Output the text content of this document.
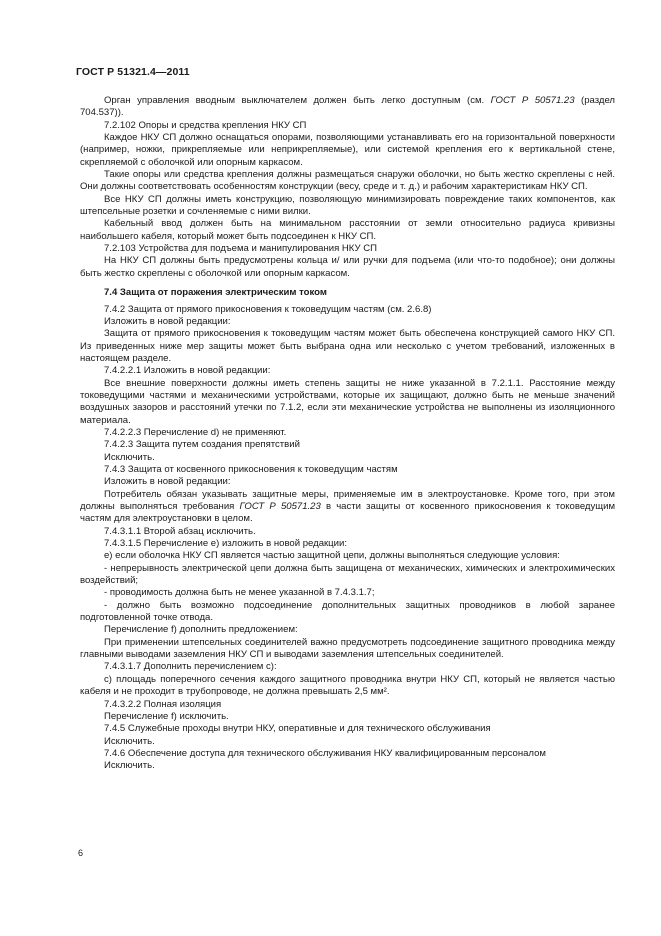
ГОСТ Р 51321.4—2011

Орган управления вводным выключателем должен быть легко доступным (см. ГОСТ Р 50571.23 (раздел 704.537)).

7.2.102 Опоры и средства крепления НКУ СП

Каждое НКУ СП должно оснащаться опорами, позволяющими устанавливать его на горизонтальной поверхности (например, ножки, прикрепляемые или неприкрепляемые), или системой крепления его к вертикальной стене, скрепляемой с оболочкой или опорным каркасом.

Такие опоры или средства крепления должны размещаться снаружи оболочки, но быть жестко скреплены с ней. Они должны соответствовать особенностям конструкции (весу, среде и т. д.) и рабочим характеристикам НКУ СП.

Все НКУ СП должны иметь конструкцию, позволяющую минимизировать повреждение таких компонентов, как штепсельные розетки и сочленяемые с ними вилки.

Кабельный ввод должен быть на минимальном расстоянии от земли относительно радиуса кривизны наибольшего кабеля, который может быть подсоединен к НКУ СП.

7.2.103 Устройства для подъема и манипулирования НКУ СП

На НКУ СП должны быть предусмотрены кольца и/ или ручки для подъема (или что-то подобное); они должны быть жестко скреплены с оболочкой или опорным каркасом.

7.4 Защита от поражения электрическим током

7.4.2 Защита от прямого прикосновения к токоведущим частям (см. 2.6.8)

Изложить в новой редакции:

Защита от прямого прикосновения к токоведущим частям может быть обеспечена конструкцией самого НКУ СП. Из приведенных ниже мер защиты может быть выбрана одна или несколько с учетом требований, изложенных в настоящем разделе.

7.4.2.2.1 Изложить в новой редакции:

Все внешние поверхности должны иметь степень защиты не ниже указанной в 7.2.1.1. Расстояние между токоведущими частями и механическими устройствами, которые их защищают, должно быть не меньше значений воздушных зазоров и расстояний утечки по 7.1.2, если эти механические устройства не выполнены из изоляционного материала.

7.4.2.2.3 Перечисление d) не применяют.

7.4.2.3 Защита путем создания препятствий

Исключить.

7.4.3 Защита от косвенного прикосновения к токоведущим частям

Изложить в новой редакции:

Потребитель обязан указывать защитные меры, применяемые им в электроустановке. Кроме того, при этом должны выполняться требования ГОСТ Р 50571.23 в части защиты от косвенного прикосновения к токоведущим частям для электроустановки в целом.

7.4.3.1.1 Второй абзац исключить.

7.4.3.1.5 Перечисление е) изложить в новой редакции:

е) если оболочка НКУ СП является частью защитной цепи, должны выполняться следующие условия:

- непрерывность электрической цепи должна быть защищена от механических, химических и электрохимических воздействий;

- проводимость должна быть не менее указанной в 7.4.3.1.7;

- должно быть возможно подсоединение дополнительных защитных проводников в любой заранее подготовленной точке отвода.

Перечисление f) дополнить предложением:

При применении штепсельных соединителей важно предусмотреть подсоединение защитного проводника между главными выводами заземления НКУ СП и выводами заземления штепсельных соединителей.

7.4.3.1.7 Дополнить перечислением с):

с) площадь поперечного сечения каждого защитного проводника внутри НКУ СП, который не является частью кабеля и не проходит в трубопроводе, не должна превышать 2,5 мм².

7.4.3.2.2 Полная изоляция

Перечисление f) исключить.

7.4.5 Служебные проходы внутри НКУ, оперативные и для технического обслуживания

Исключить.

7.4.6 Обеспечение доступа для технического обслуживания НКУ квалифицированным персоналом

Исключить.

6
